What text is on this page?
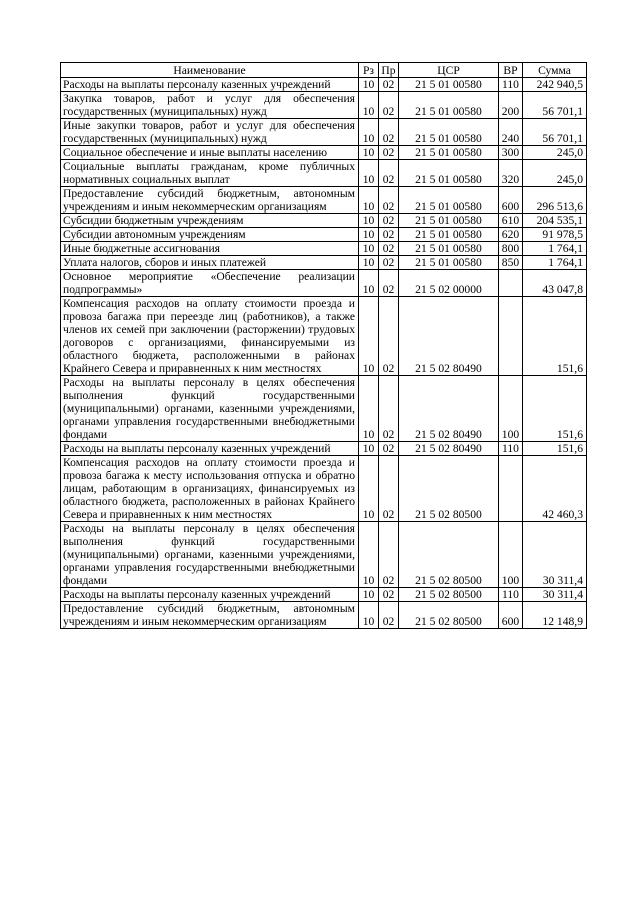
Наименование	Рз	Пр	ЦСР	ВР	Сумма
Расходы на выплаты персоналу казенных учреждений	10	02	21 5 01 00580	110	242 940,5
Закупка товаров, работ и услуг для обеспечения государственных (муниципальных) нужд	10	02	21 5 01 00580	200	56 701,1
Иные закупки товаров, работ и услуг для обеспечения государственных (муниципальных) нужд	10	02	21 5 01 00580	240	56 701,1
Социальное обеспечение и иные выплаты населению	10	02	21 5 01 00580	300	245,0
Социальные выплаты гражданам, кроме публичных нормативных социальных выплат	10	02	21 5 01 00580	320	245,0
Предоставление субсидий бюджетным, автономным учреждениям и иным некоммерческим организациям	10	02	21 5 01 00580	600	296 513,6
Субсидии бюджетным учреждениям	10	02	21 5 01 00580	610	204 535,1
Субсидии автономным учреждениям	10	02	21 5 01 00580	620	91 978,5
Иные бюджетные ассигнования	10	02	21 5 01 00580	800	1 764,1
Уплата налогов, сборов и иных платежей	10	02	21 5 01 00580	850	1 764,1
Основное мероприятие «Обеспечение реализации подпрограммы»	10	02	21 5 02 00000		43 047,8
Компенсация расходов на оплату стоимости проезда и провоза багажа при переезде лиц (работников), а также членов их семей при заключении (расторжении) трудовых договоров с организациями, финансируемыми из областного бюджета, расположенными в районах Крайнего Севера и приравненных к ним местностях	10	02	21 5 02 80490		151,6
Расходы на выплаты персоналу в целях обеспечения выполнения функций государственными (муниципальными) органами, казенными учреждениями, органами управления государственными внебюджетными фондами	10	02	21 5 02 80490	100	151,6
Расходы на выплаты персоналу казенных учреждений	10	02	21 5 02 80490	110	151,6
Компенсация расходов на оплату стоимости проезда и провоза багажа к месту использования отпуска и обратно лицам, работающим в организациях, финансируемых из областного бюджета, расположенных в районах Крайнего Севера и приравненных к ним местностях	10	02	21 5 02 80500		42 460,3
Расходы на выплаты персоналу в целях обеспечения выполнения функций государственными (муниципальными) органами, казенными учреждениями, органами управления государственными внебюджетными фондами	10	02	21 5 02 80500	100	30 311,4
Расходы на выплаты персоналу казенных учреждений	10	02	21 5 02 80500	110	30 311,4
Предоставление субсидий бюджетным, автономным учреждениям и иным некоммерческим организациям	10	02	21 5 02 80500	600	12 148,9
